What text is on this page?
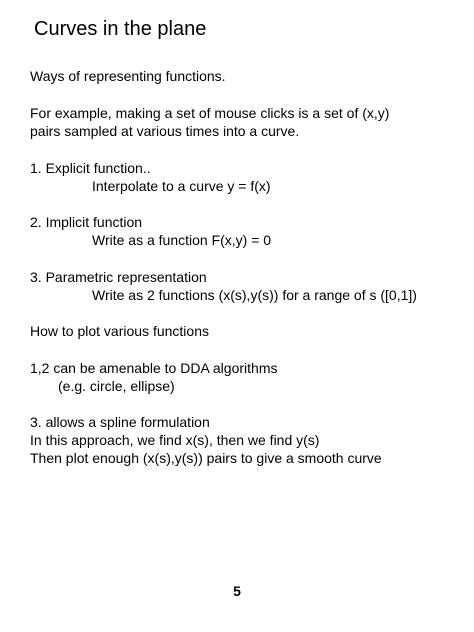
Curves in the plane
Ways of representing functions.
For example, making a set of mouse clicks is a set of (x,y)
pairs sampled at various times into a curve.
1. Explicit function..
Interpolate to a curve y = f(x)
2. Implicit function
Write as a function F(x,y) = 0
3. Parametric representation
Write as 2 functions (x(s),y(s)) for a range of s ([0,1])
How to plot various functions
1,2 can be amenable to DDA algorithms
(e.g. circle, ellipse)
3. allows a spline formulation
In this approach, we find x(s), then we find y(s)
Then plot enough (x(s),y(s)) pairs to give a smooth curve
5
